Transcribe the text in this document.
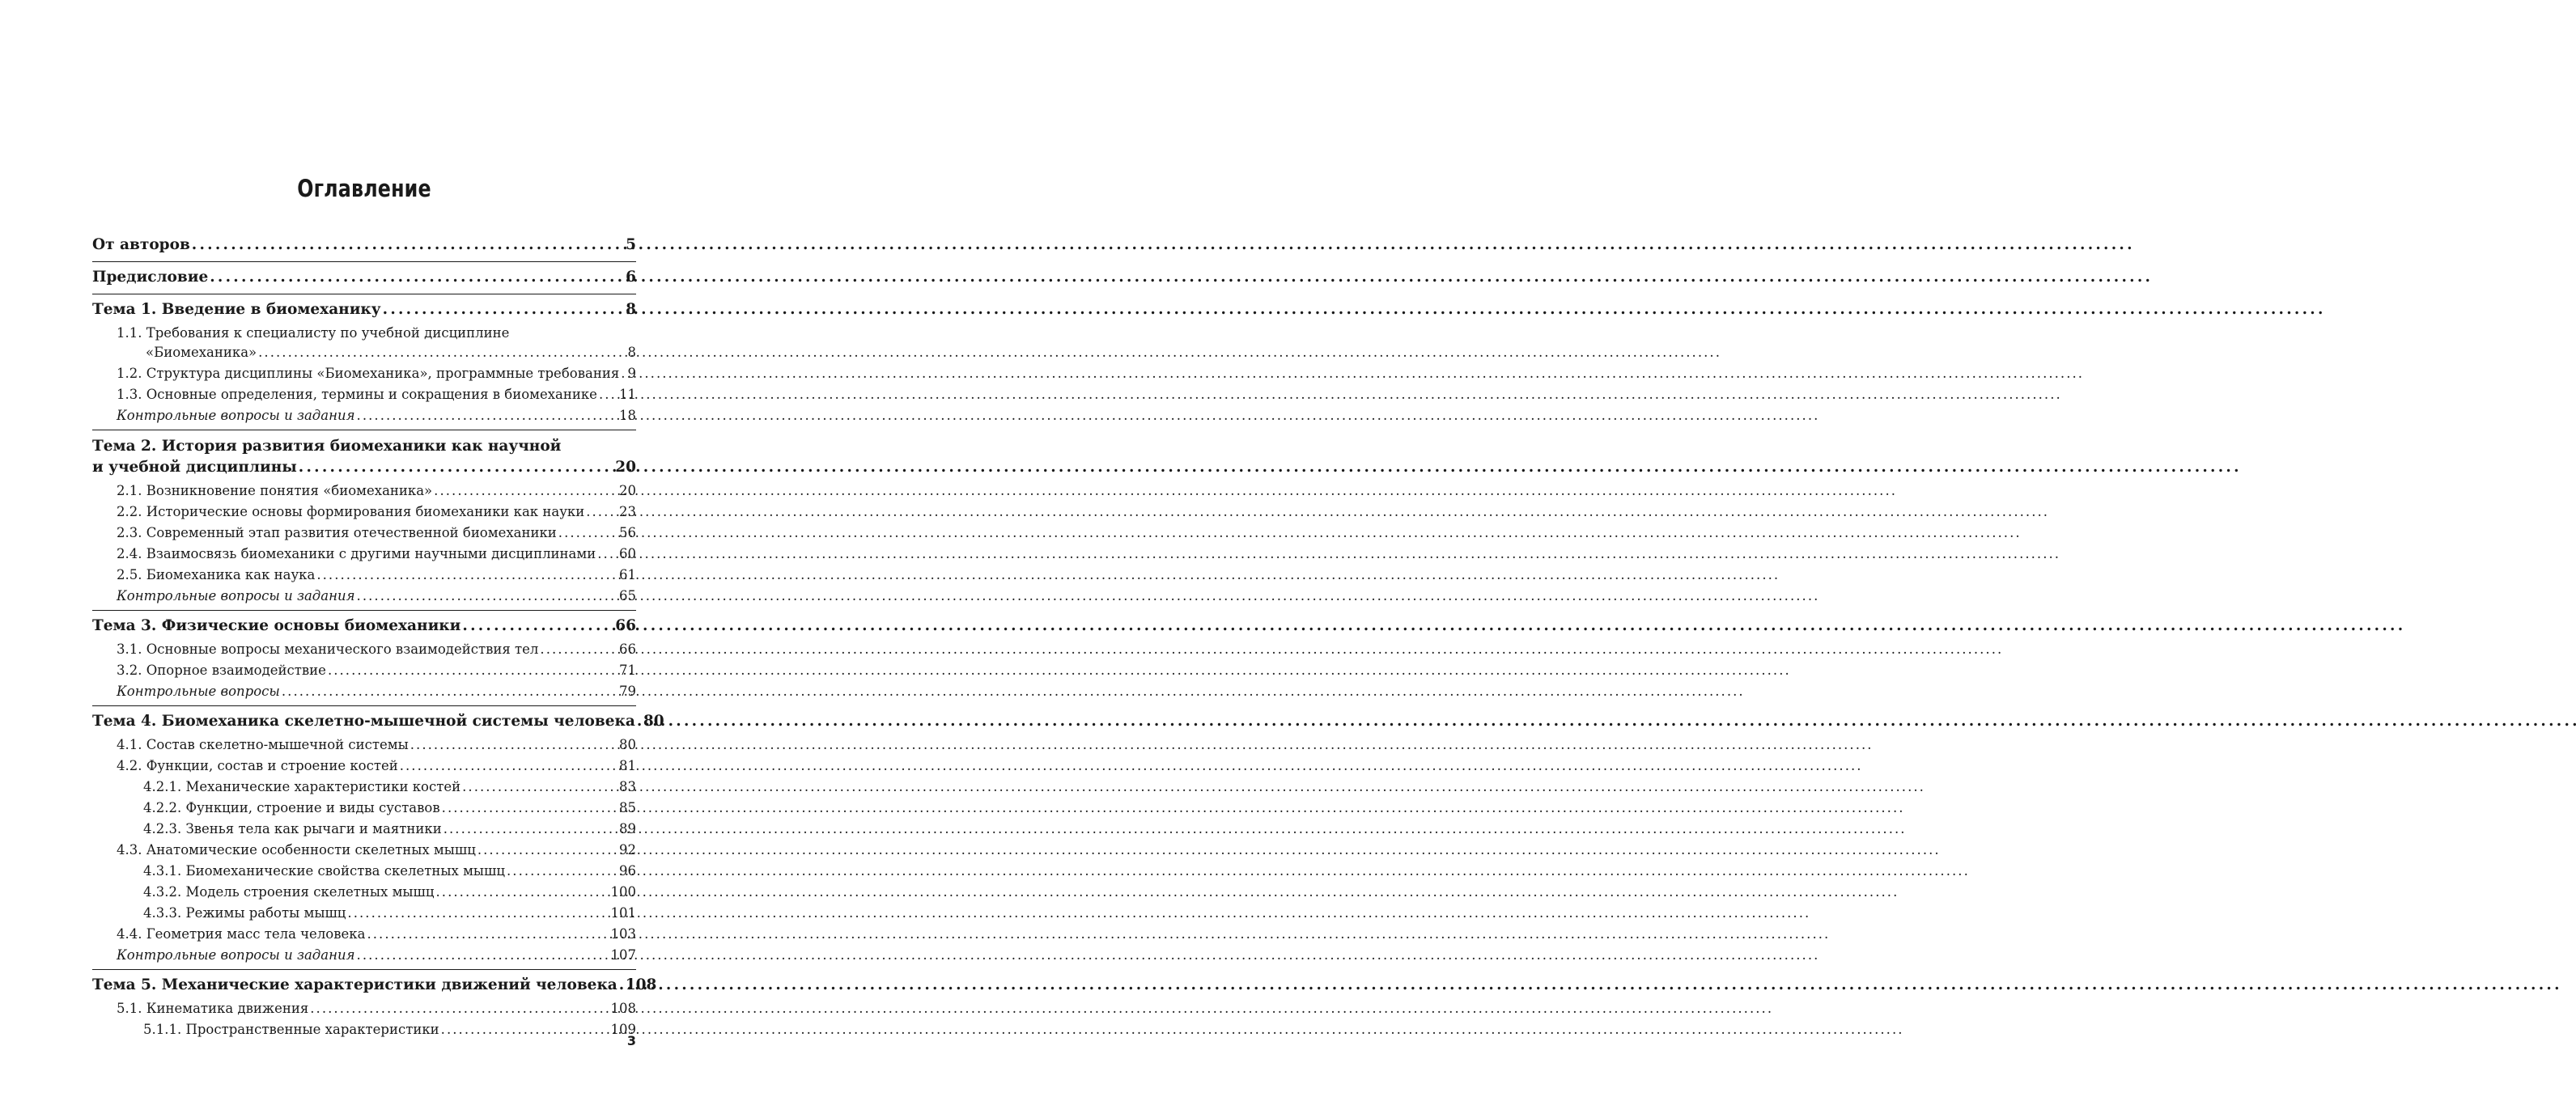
Оглавление
От авторов . . .	5
Предисловие . . .	6
Тема 1. Введение в биомеханику . . .	8
1.1. Требования к специалисту по учебной дисциплине
«Биомеханика» . . .	8
1.2. Структура дисциплины «Биомеханика», программные требования . . . 9
1.3. Основные определения, термины и сокращения в биомеханике . . . 11
Контрольные вопросы и задания . . .	18
Тема 2. История развития биомеханики как научной
и учебной дисциплины . . .	20
2.1. Возникновение понятия «биомеханика» . . .	20
2.2. Исторические основы формирования биомеханики как науки . . .	23
2.3. Современный этап развития отечественной биомеханики . . .	56
2.4. Взаимосвязь биомеханики с другими научными дисциплинами . . . 60
2.5. Биомеханика как наука . . .	61
Контрольные вопросы и задания . . .	65
Тема 3. Физические основы биомеханики . . .	66
3.1. Основные вопросы механического взаимодействия тел . . .	66
3.2. Опорное взаимодействие . . .	71
Контрольные вопросы . . .	79
Тема 4. Биомеханика скелетно-мышечной системы человека . . . 80
4.1. Состав скелетно-мышечной системы . . .	80
4.2. Функции, состав и строение костей . . .	81
4.2.1. Механические характеристики костей . . .	83
4.2.2. Функции, строение и виды суставов . . .	85
4.2.3. Звенья тела как рычаги и маятники . . .	89
4.3. Анатомические особенности скелетных мышц . . .	92
4.3.1. Биомеханические свойства скелетных мышц . . .	96
4.3.2. Модель строения скелетных мышц . . .	100
4.3.3. Режимы работы мышц . . .	101
4.4. Геометрия масс тела человека . . .	103
Контрольные вопросы и задания . . .	107
Тема 5. Механические характеристики движений человека . . . 108
5.1. Кинематика движения . . .	108
5.1.1. Пространственные характеристики . . .	109
3
